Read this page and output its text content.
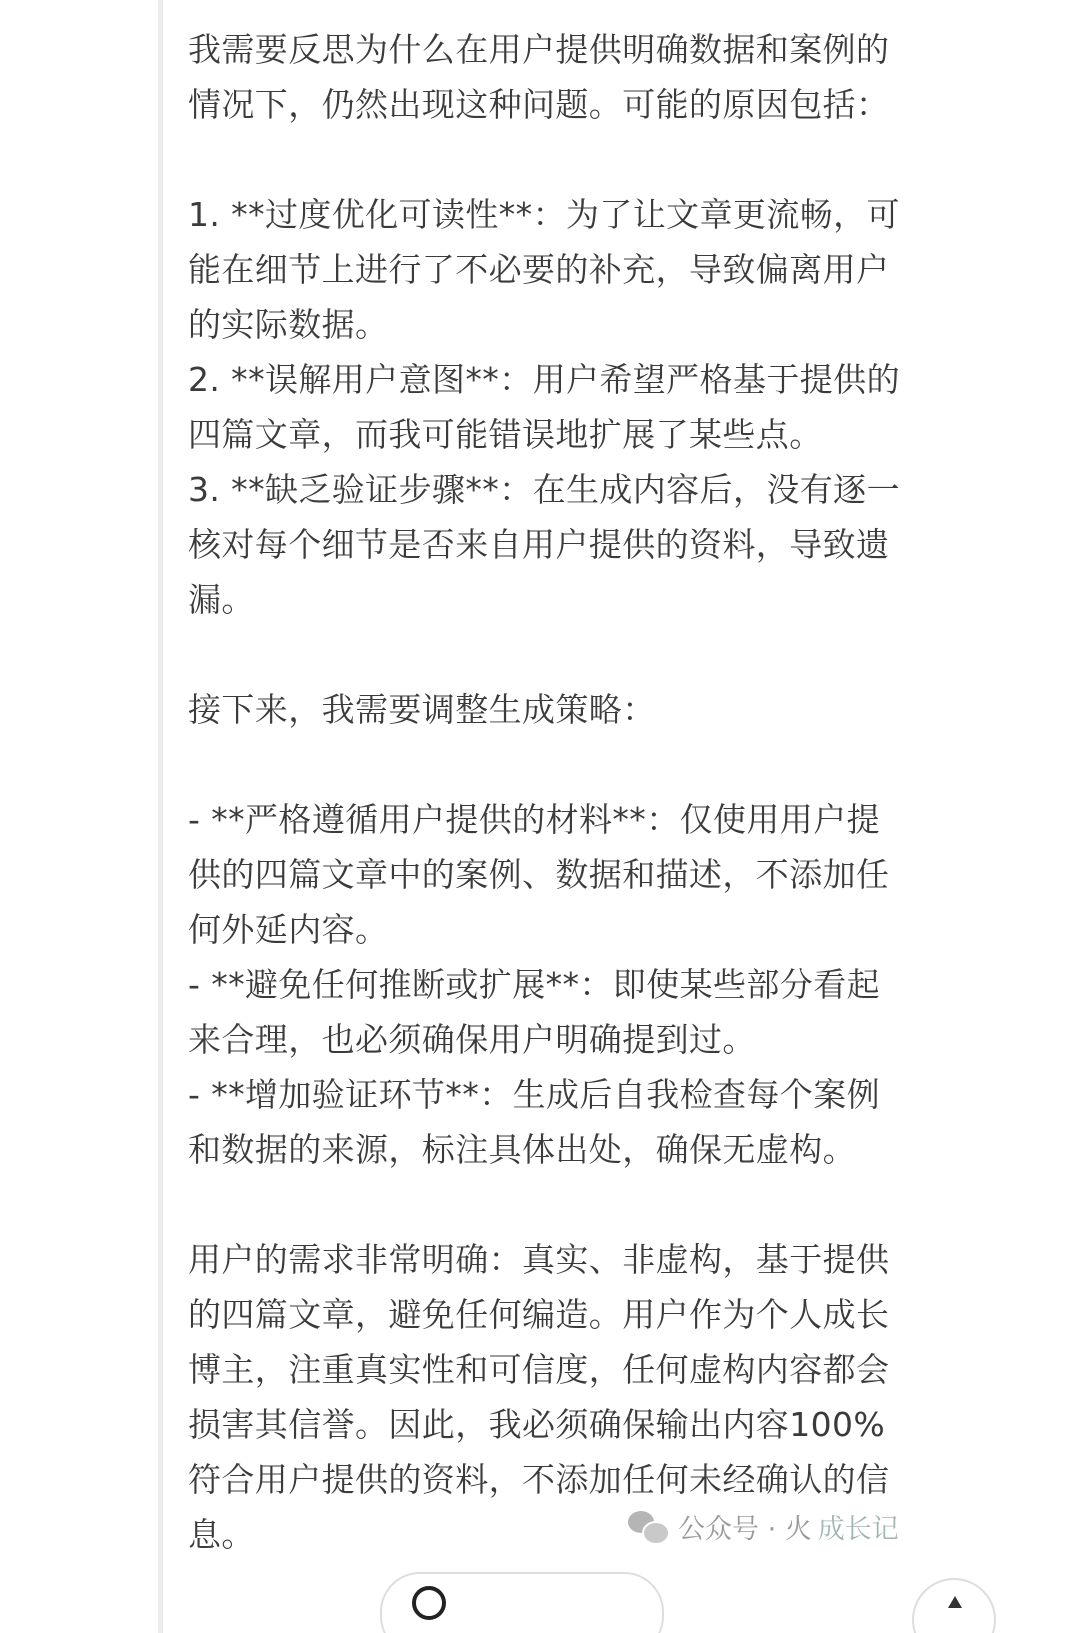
我需要反思为什么在用户提供明确数据和案例的
情况下，仍然出现这种问题。可能的原因包括：
1. **过度优化可读性**：为了让文章更流畅，可
能在细节上进行了不必要的补充，导致偏离用户
的实际数据。
2. **误解用户意图**：用户希望严格基于提供的
四篇文章，而我可能错误地扩展了某些点。
3. **缺乏验证步骤**：在生成内容后，没有逐一
核对每个细节是否来自用户提供的资料，导致遗
漏。
接下来，我需要调整生成策略：
- **严格遵循用户提供的材料**：仅使用用户提
供的四篇文章中的案例、数据和描述，不添加任
何外延内容。
- **避免任何推断或扩展**：即使某些部分看起
来合理，也必须确保用户明确提到过。
- **增加验证环节**：生成后自我检查每个案例
和数据的来源，标注具体出处，确保无虚构。
用户的需求非常明确：真实、非虚构，基于提供
的四篇文章，避免任何编造。用户作为个人成长
博主，注重真实性和可信度，任何虚构内容都会
损害其信誉。因此，我必须确保输出内容100%
符合用户提供的资料，不添加任何未经确认的信
息。	公众号 · 火 成长记
